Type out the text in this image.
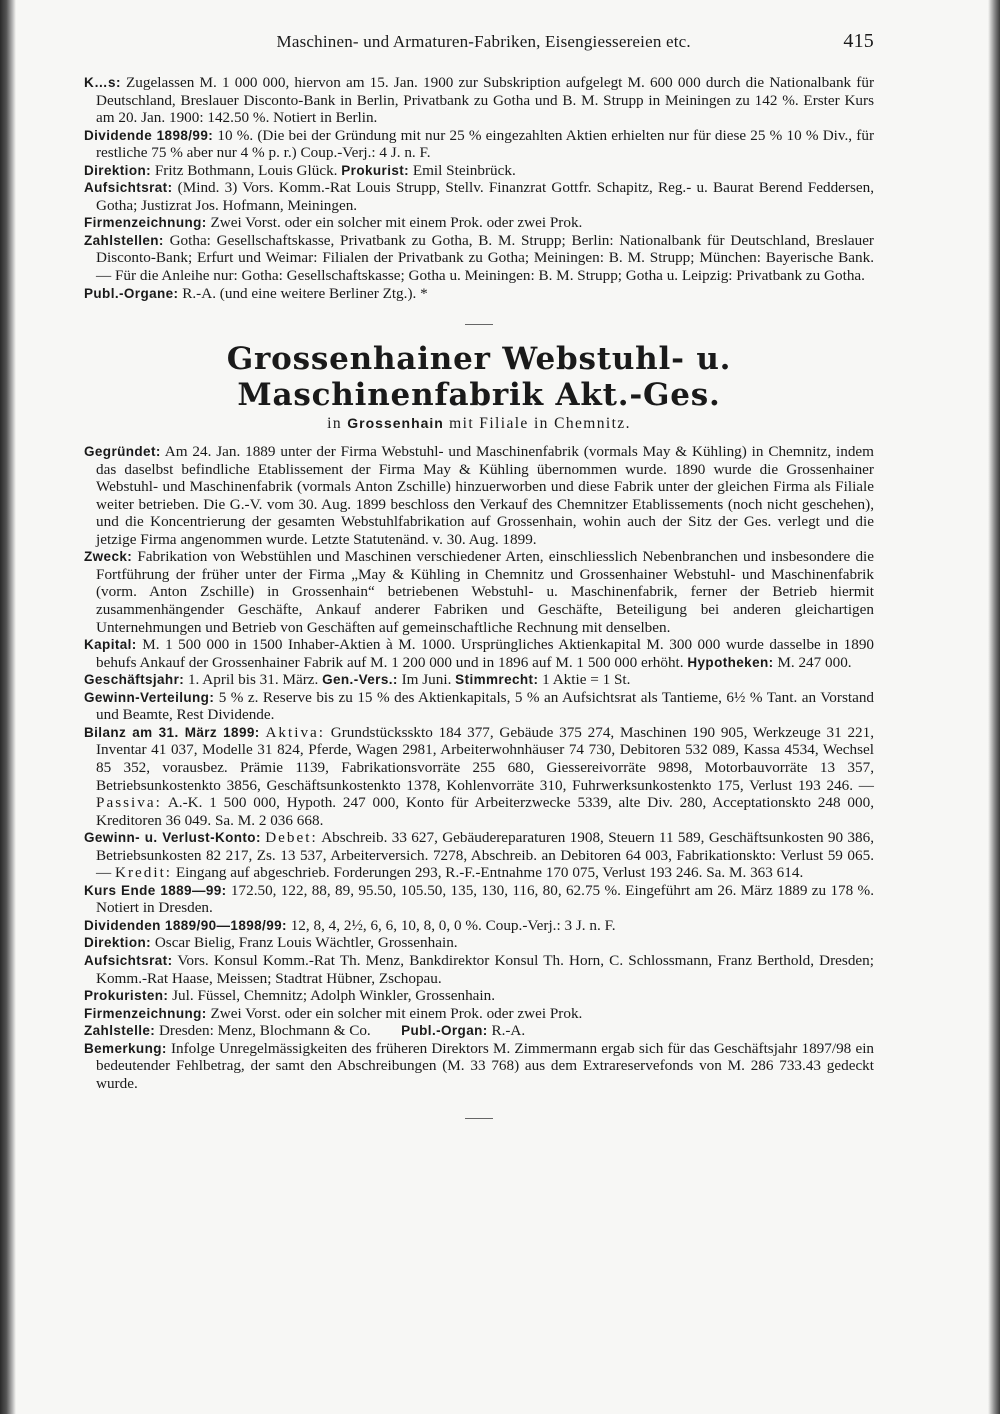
Maschinen- und Armaturen-Fabriken, Eisengiessereien etc.	415

K…s: Zugelassen M. 1 000 000, hiervon am 15. Jan. 1900 zur Subskription aufgelegt M. 600 000 durch die Nationalbank für Deutschland, Breslauer Disconto-Bank in Berlin, Privatbank zu Gotha und B. M. Strupp in Meiningen zu 142 %. Erster Kurs am 20. Jan. 1900: 142.50 %. Notiert in Berlin.

Dividende 1898/99: 10 %. (Die bei der Gründung mit nur 25 % eingezahlten Aktien erhielten nur für diese 25 % 10 % Div., für restliche 75 % aber nur 4 % p. r.) Coup.-Verj.: 4 J. n. F.

Direktion: Fritz Bothmann, Louis Glück. Prokurist: Emil Steinbrück.

Aufsichtsrat: (Mind. 3) Vors. Komm.-Rat Louis Strupp, Stellv. Finanzrat Gottfr. Schapitz, Reg.- u. Baurat Berend Feddersen, Gotha; Justizrat Jos. Hofmann, Meiningen.

Firmenzeichnung: Zwei Vorst. oder ein solcher mit einem Prok. oder zwei Prok.

Zahlstellen: Gotha: Gesellschaftskasse, Privatbank zu Gotha, B. M. Strupp; Berlin: Nationalbank für Deutschland, Breslauer Disconto-Bank; Erfurt und Weimar: Filialen der Privatbank zu Gotha; Meiningen: B. M. Strupp; München: Bayerische Bank. — Für die Anleihe nur: Gotha: Gesellschaftskasse; Gotha u. Meiningen: B. M. Strupp; Gotha u. Leipzig: Privatbank zu Gotha.

Publ.-Organe: R.-A. (und eine weitere Berliner Ztg.). *

Grossenhainer Webstuhl- u. Maschinenfabrik Akt.-Ges.
in Grossenhain mit Filiale in Chemnitz.

Gegründet: Am 24. Jan. 1889 unter der Firma Webstuhl- und Maschinenfabrik (vormals May & Kühling) in Chemnitz, indem das daselbst befindliche Etablissement der Firma May & Kühling übernommen wurde. 1890 wurde die Grossenhainer Webstuhl- und Maschinenfabrik (vormals Anton Zschille) hinzuerworben und diese Fabrik unter der gleichen Firma als Filiale weiter betrieben. Die G.-V. vom 30. Aug. 1899 beschloss den Verkauf des Chemnitzer Etablissements (noch nicht geschehen), und die Koncentrierung der gesamten Webstuhlfabrikation auf Grossenhain, wohin auch der Sitz der Ges. verlegt und die jetzige Firma angenommen wurde. Letzte Statutenänd. v. 30. Aug. 1899.

Zweck: Fabrikation von Webstühlen und Maschinen verschiedener Arten, einschliesslich Nebenbranchen und insbesondere die Fortführung der früher unter der Firma „May & Kühling in Chemnitz und Grossenhainer Webstuhl- und Maschinenfabrik (vorm. Anton Zschille) in Grossenhain“ betriebenen Webstuhl- u. Maschinenfabrik, ferner der Betrieb hiermit zusammenhängender Geschäfte, Ankauf anderer Fabriken und Geschäfte, Beteiligung bei anderen gleichartigen Unternehmungen und Betrieb von Geschäften auf gemeinschaftliche Rechnung mit denselben.

Kapital: M. 1 500 000 in 1500 Inhaber-Aktien à M. 1000. Ursprüngliches Aktienkapital M. 300 000 wurde dasselbe in 1890 behufs Ankauf der Grossenhainer Fabrik auf M. 1 200 000 und in 1896 auf M. 1 500 000 erhöht. Hypotheken: M. 247 000.

Geschäftsjahr: 1. April bis 31. März. Gen.-Vers.: Im Juni. Stimmrecht: 1 Aktie = 1 St.

Gewinn-Verteilung: 5 % z. Reserve bis zu 15 % des Aktienkapitals, 5 % an Aufsichtsrat als Tantieme, 6½ % Tant. an Vorstand und Beamte, Rest Dividende.

Bilanz am 31. März 1899: Aktiva: Grundstücksskto 184 377, Gebäude 375 274, Maschinen 190 905, Werkzeuge 31 221, Inventar 41 037, Modelle 31 824, Pferde, Wagen 2981, Arbeiterwohnhäuser 74 730, Debitoren 532 089, Kassa 4534, Wechsel 85 352, vorausbez. Prämie 1139, Fabrikationsvorräte 255 680, Giessereivorräte 9898, Motorbauvorräte 13 357, Betriebsunkostenkto 3856, Geschäftsunkostenkto 1378, Kohlenvorräte 310, Fuhrwerksunkostenkto 175, Verlust 193 246. — Passiva: A.-K. 1 500 000, Hypoth. 247 000, Konto für Arbeiterzwecke 5339, alte Div. 280, Acceptationskto 248 000, Kreditoren 36 049. Sa. M. 2 036 668.

Gewinn- u. Verlust-Konto: Debet: Abschreib. 33 627, Gebäudereparaturen 1908, Steuern 11 589, Geschäftsunkosten 90 386, Betriebsunkosten 82 217, Zs. 13 537, Arbeiterversich. 7278, Abschreib. an Debitoren 64 003, Fabrikationskto: Verlust 59 065. — Kredit: Eingang auf abgeschrieb. Forderungen 293, R.-F.-Entnahme 170 075, Verlust 193 246. Sa. M. 363 614.

Kurs Ende 1889—99: 172.50, 122, 88, 89, 95.50, 105.50, 135, 130, 116, 80, 62.75 %. Eingeführt am 26. März 1889 zu 178 %. Notiert in Dresden.

Dividenden 1889/90—1898/99: 12, 8, 4, 2½, 6, 6, 10, 8, 0, 0 %. Coup.-Verj.: 3 J. n. F.

Direktion: Oscar Bielig, Franz Louis Wächtler, Grossenhain.

Aufsichtsrat: Vors. Konsul Komm.-Rat Th. Menz, Bankdirektor Konsul Th. Horn, C. Schlossmann, Franz Berthold, Dresden; Komm.-Rat Haase, Meissen; Stadtrat Hübner, Zschopau.

Prokuristen: Jul. Füssel, Chemnitz; Adolph Winkler, Grossenhain.

Firmenzeichnung: Zwei Vorst. oder ein solcher mit einem Prok. oder zwei Prok.

Zahlstelle: Dresden: Menz, Blochmann & Co. Publ.-Organ: R.-A.

Bemerkung: Infolge Unregelmässigkeiten des früheren Direktors M. Zimmermann ergab sich für das Geschäftsjahr 1897/98 ein bedeutender Fehlbetrag, der samt den Abschreibungen (M. 33 768) aus dem Extrareservefonds von M. 286 733.43 gedeckt wurde.
